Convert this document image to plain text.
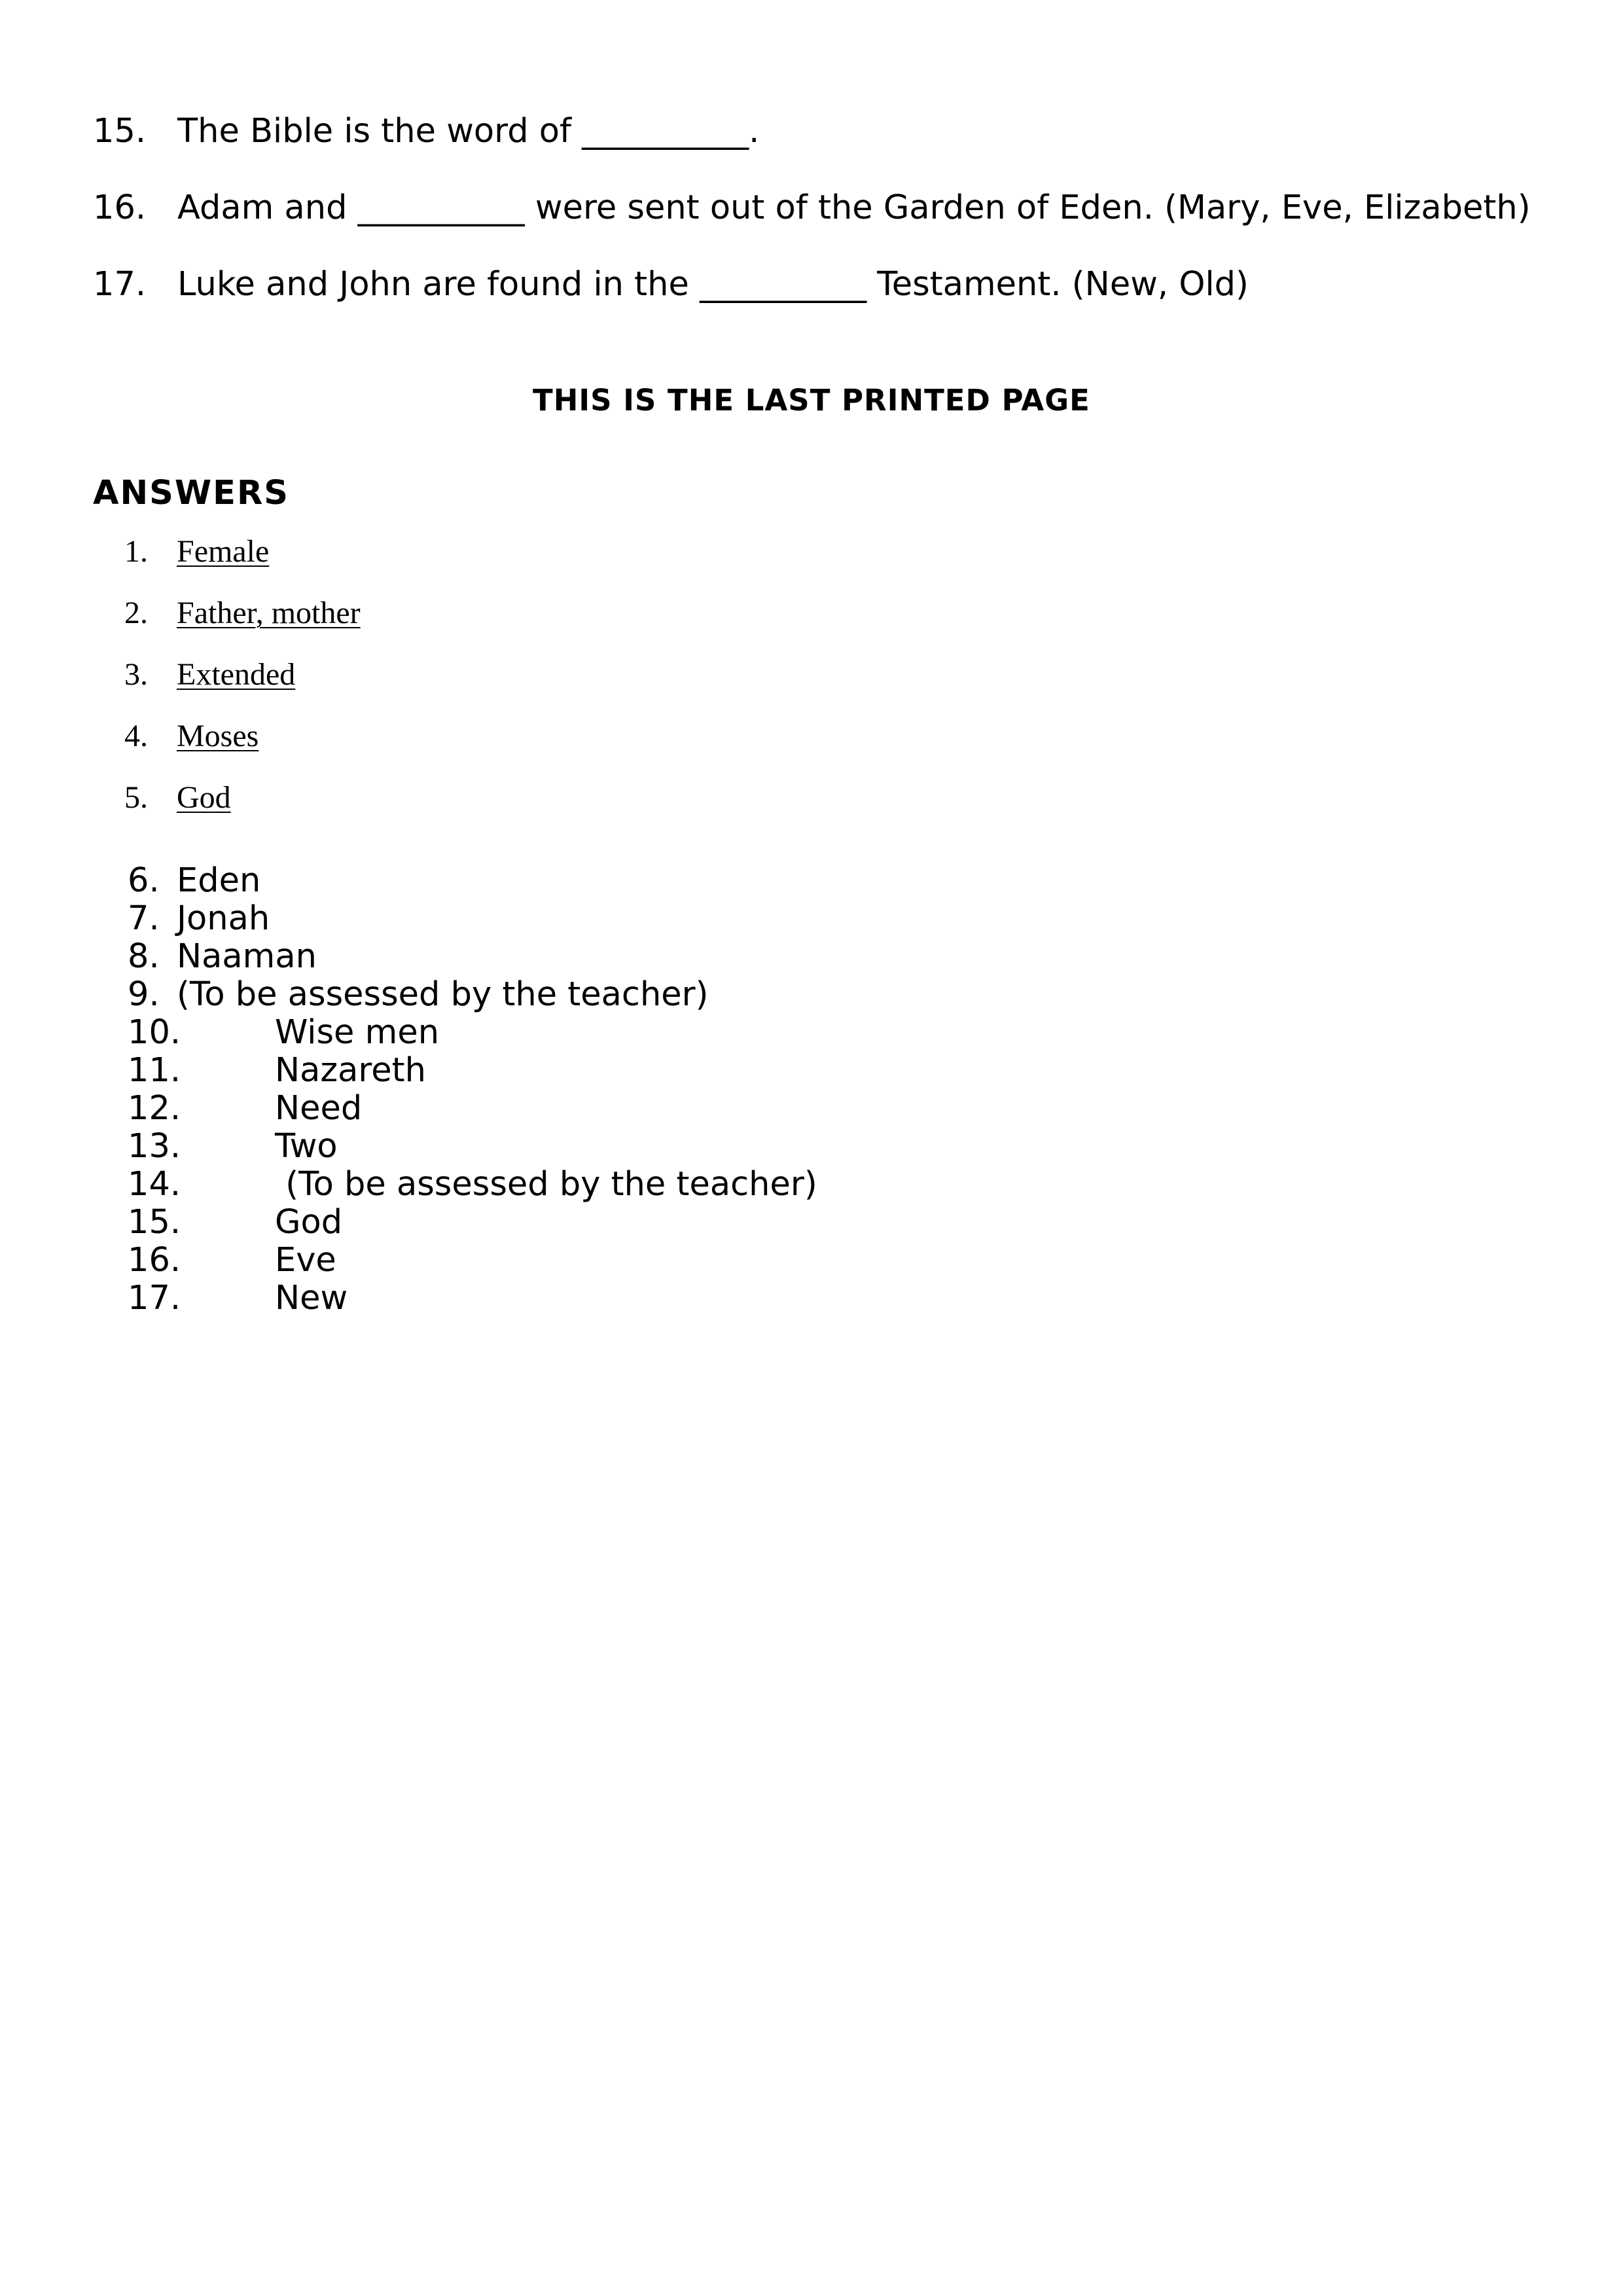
15. The Bible is the word of __________.
16. Adam and __________ were sent out of the Garden of Eden. (Mary, Eve, Elizabeth)
17. Luke and John are found in the __________ Testament. (New, Old)
THIS IS THE LAST PRINTED PAGE
ANSWERS
1. Female
2. Father, mother
3. Extended
4. Moses
5. God
6. Eden
7. Jonah
8. Naaman
9. (To be assessed by the teacher)
10.	Wise men
11.	Nazareth
12.	Need
13.	Two
14.	(To be assessed by the teacher)
15.	God
16.	Eve
17.	New
